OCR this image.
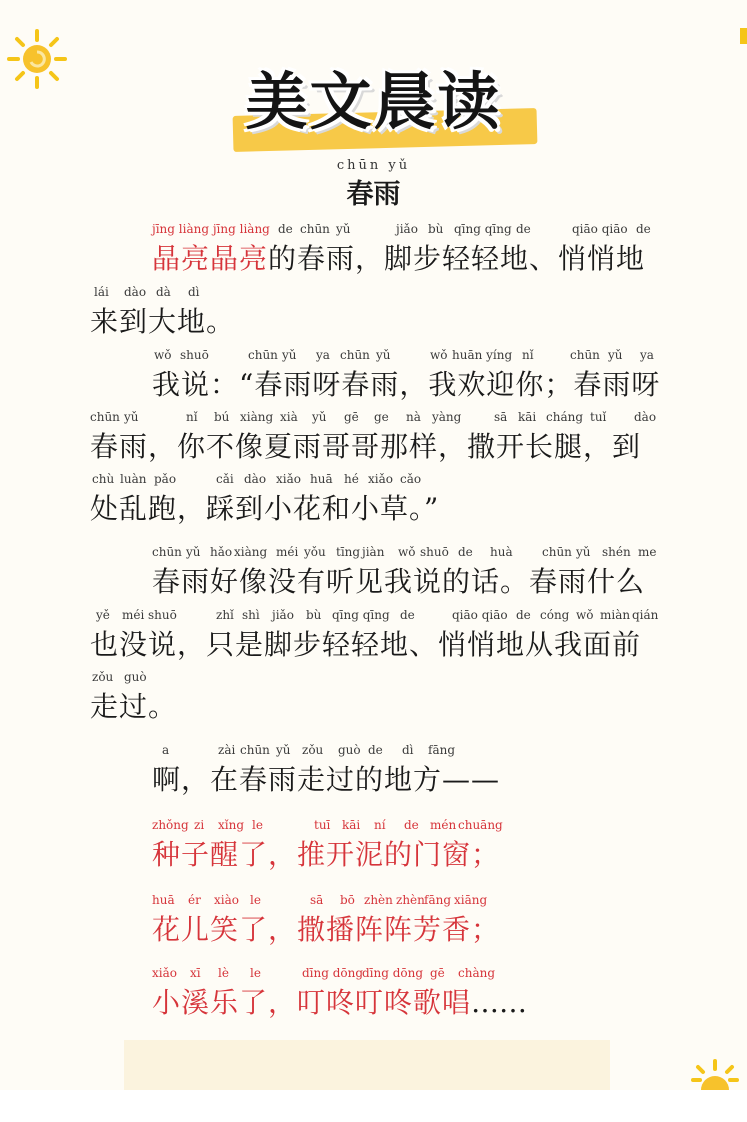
美文晨读
chūn yǔ
春雨
jīng liàng jīng liàng de chūn yǔ	jiǎo bù qīng qīng de	qiāo qiāo de
晶亮晶亮的春雨，脚步轻轻地、悄悄地
lái dào dà dì
来到大地。
wǒ shuō	chūn yǔ ya chūn yǔ	wǒ huān yíng nǐ	chūn yǔ ya
我说：“春雨呀春雨，我欢迎你；春雨呀
chūn yǔ	nǐ bú xiàng xià yǔ gē ge nà yàng	sā kāi cháng tuǐ dào
春雨，你不像夏雨哥哥那样，撒开长腿，到
chù luàn pǎo	cǎi dào xiǎo huā hé xiǎo cǎo
处乱跑，踩到小花和小草。”
chūn yǔ hǎo xiàng méi yǒu tīng jiàn wǒ shuō de huà chūn yǔ shén me
春雨好像没有听见我说的话。春雨什么
yě méi shuō	zhǐ shì jiǎo bù qīng qīng de	qiāo qiāo de cóng wǒ miàn qián
也没说，只是脚步轻轻地、悄悄地从我面前
zǒu guò
走过。
a	zài chūn yǔ zǒu guò de dì fāng
啊，在春雨走过的地方——
zhǒng zi xǐng le	tuī kāi ní de mén chuāng
种子醒了，推开泥的门窗；
huā ér xiào le	sā bō zhèn zhèn fāng xiāng
花儿笑了，撒播阵阵芳香；
xiǎo xī lè le	dīng dōng
dīng dōng gē chàng
小溪乐了，叮咚叮咚歌唱……
